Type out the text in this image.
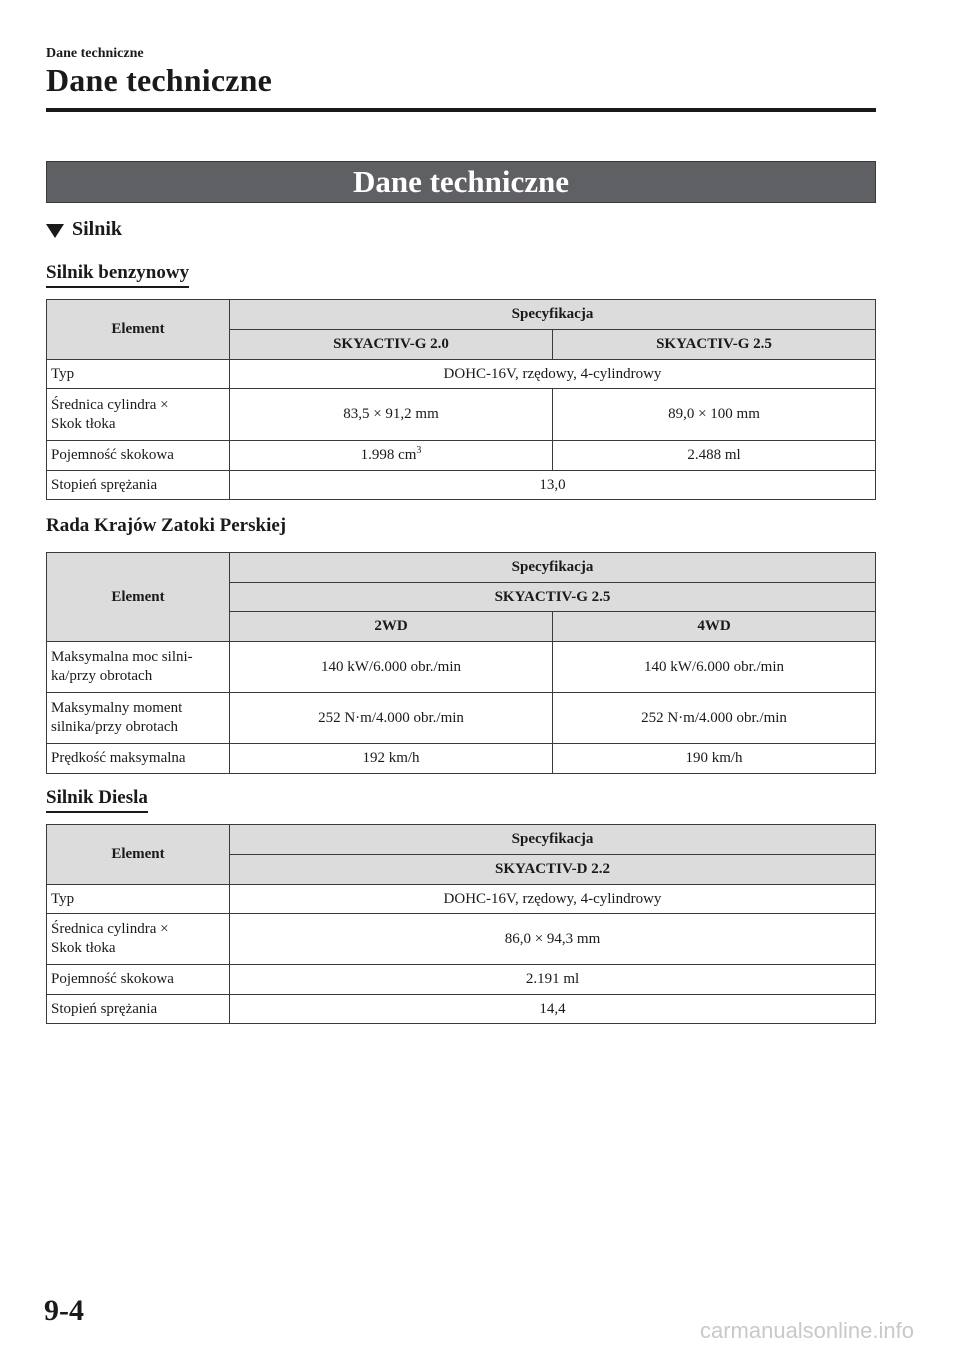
Dane techniczne
Dane techniczne
Dane techniczne
Silnik
Silnik benzynowy
Element	Specyfikacja	
	SKYACTIV-G 2.0	SKYACTIV-G 2.5
Typ	DOHC-16V, rzędowy, 4-cylindrowy	
Średnica cylindra ×
Skok tłoka	83,5 × 91,2 mm	89,0 × 100 mm
Pojemność skokowa	1.998 $cm^3$	2.488 ml
Stopień sprężania	13,0	
Rada Krajów Zatoki Perskiej
Element	Specyfikacja	
	SKYACTIV-G 2.5	
	2WD	4WD
Maksymalna moc silni-
ka/przy obrotach	140 kW/6.000 obr./min	140 kW/6.000 obr./min
Maksymalny moment
silnika/przy obrotach	252 N·m/4.000 obr./min	252 N·m/4.000 obr./min
Prędkość maksymalna	192 km/h	190 km/h
Silnik Diesla
Element	Specyfikacja
	SKYACTIV-D 2.2
Typ	DOHC-16V, rzędowy, 4-cylindrowy
Średnica cylindra ×
Skok tłoka	86,0 × 94,3 mm
Pojemność skokowa	2.191 ml
Stopień sprężania	14,4
9-4
carmanualsonline.info
